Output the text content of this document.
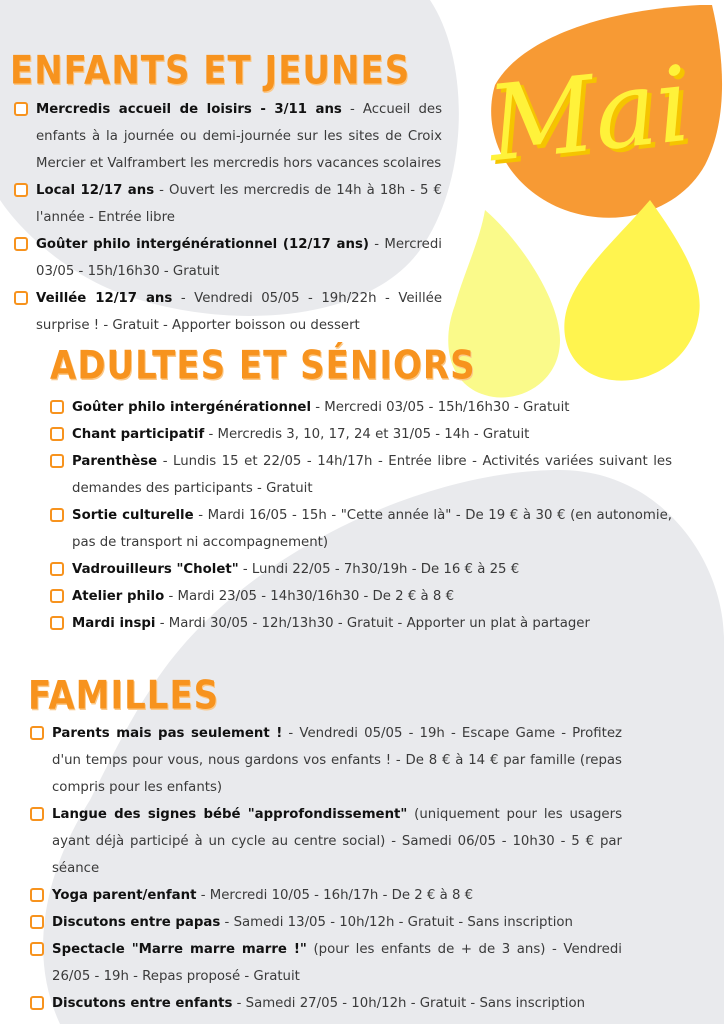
Mai
ENFANTS ET JEUNES
Mercredis accueil de loisirs - 3/11 ans - Accueil des enfants à la journée ou demi-journée sur les sites de Croix Mercier et Valframbert les mercredis hors vacances scolaires
Local 12/17 ans - Ouvert les mercredis de 14h à 18h - 5 € l'année - Entrée libre
Goûter philo intergénérationnel (12/17 ans) - Mercredi 03/05 - 15h/16h30 - Gratuit
Veillée 12/17 ans - Vendredi 05/05 - 19h/22h - Veillée surprise ! - Gratuit - Apporter boisson ou dessert
ADULTES ET SÉNIORS
Goûter philo intergénérationnel - Mercredi 03/05 - 15h/16h30 - Gratuit
Chant participatif - Mercredis 3, 10, 17, 24 et 31/05 - 14h - Gratuit
Parenthèse - Lundis 15 et 22/05 - 14h/17h - Entrée libre - Activités variées suivant les demandes des participants - Gratuit
Sortie culturelle - Mardi 16/05 - 15h - "Cette année là" - De 19 € à 30 € (en autonomie, pas de transport ni accompagnement)
Vadrouilleurs "Cholet" - Lundi 22/05 - 7h30/19h - De 16 € à 25 €
Atelier philo - Mardi 23/05 - 14h30/16h30 - De 2 € à 8 €
Mardi inspi - Mardi 30/05 - 12h/13h30 - Gratuit - Apporter un plat à partager
FAMILLES
Parents mais pas seulement ! - Vendredi 05/05 - 19h - Escape Game - Profitez d'un temps pour vous, nous gardons vos enfants ! - De 8 € à 14 € par famille (repas compris pour les enfants)
Langue des signes bébé "approfondissement" (uniquement pour les usagers ayant déjà participé à un cycle au centre social) - Samedi 06/05 - 10h30 - 5 € par séance
Yoga parent/enfant - Mercredi 10/05 - 16h/17h - De 2 € à 8 €
Discutons entre papas - Samedi 13/05 - 10h/12h - Gratuit - Sans inscription
Spectacle "Marre marre marre !" (pour les enfants de + de 3 ans) - Vendredi 26/05 - 19h - Repas proposé - Gratuit
Discutons entre enfants - Samedi 27/05 - 10h/12h - Gratuit - Sans inscription
